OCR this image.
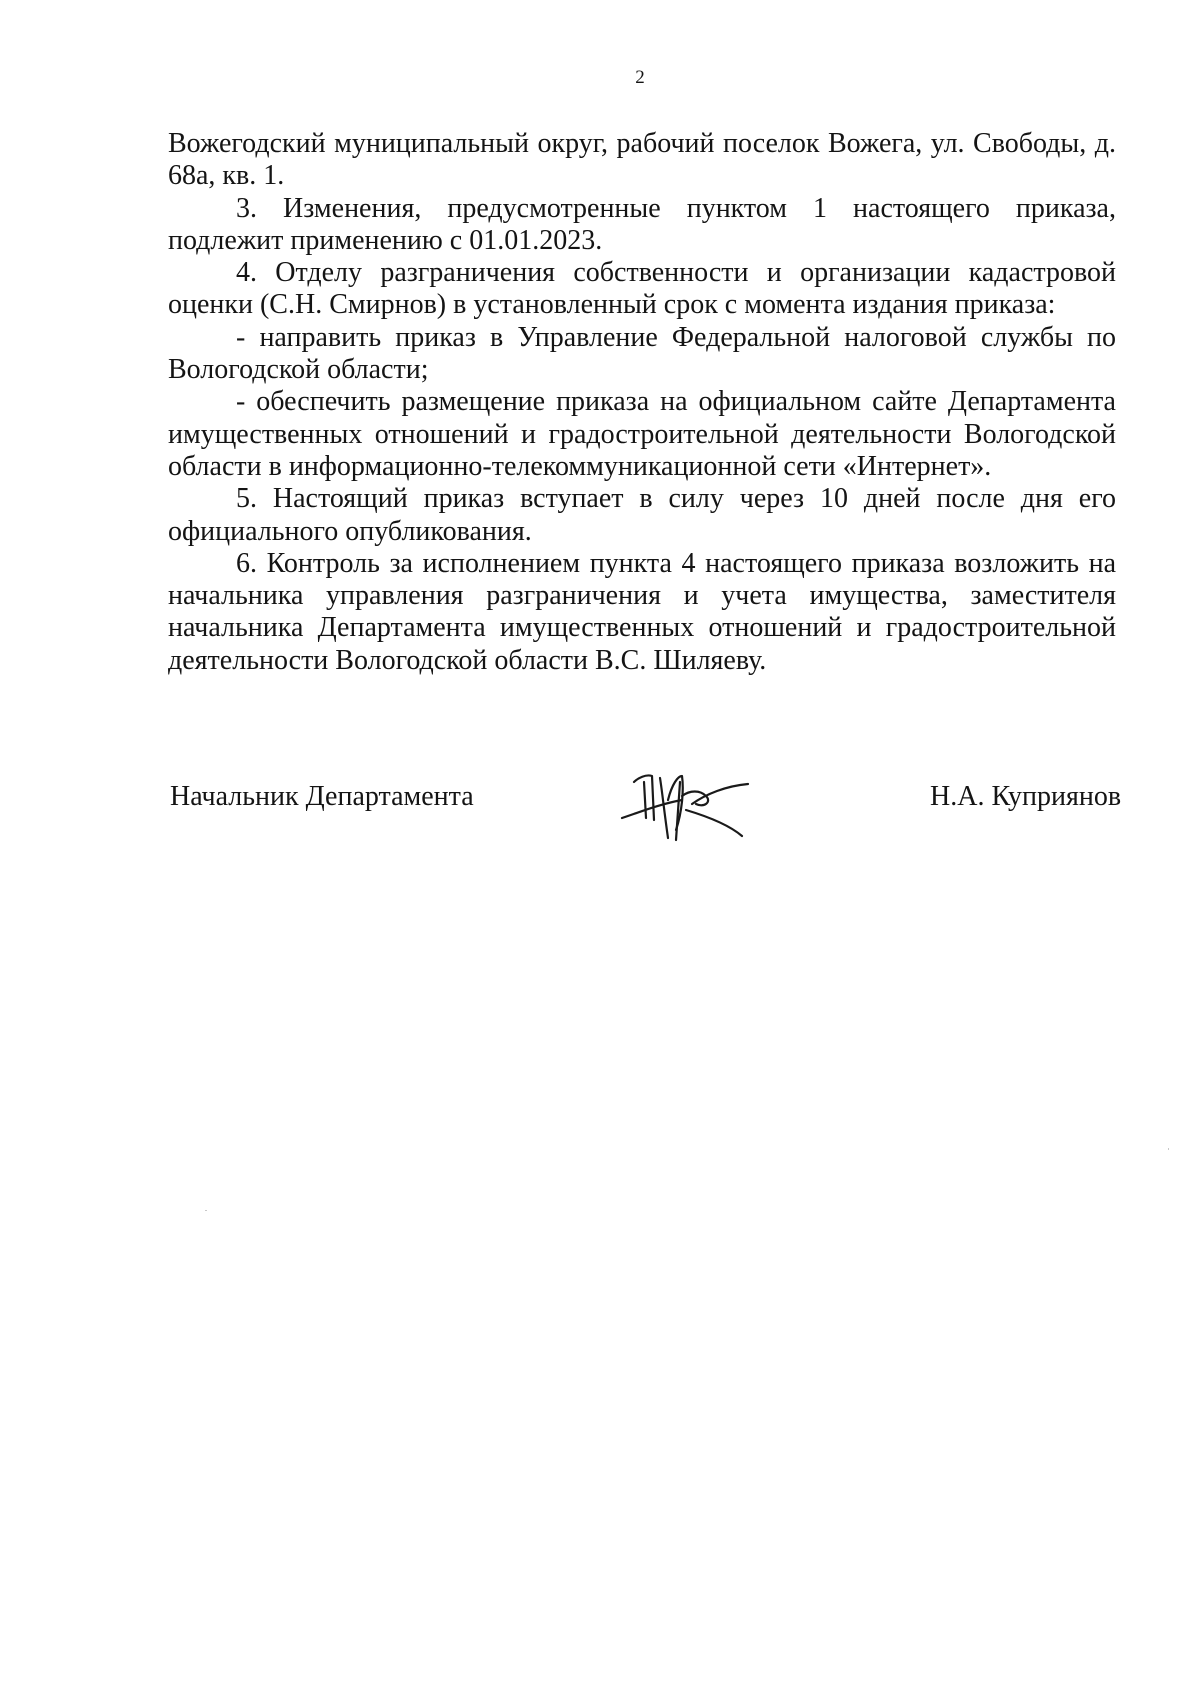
2

Вожегодский муниципальный округ, рабочий поселок Вожега, ул. Свободы, д. 68а, кв. 1.

3. Изменения, предусмотренные пунктом 1 настоящего приказа, подлежит применению с 01.01.2023.

4. Отделу разграничения собственности и организации кадастровой оценки (С.Н. Смирнов) в установленный срок с момента издания приказа:

- направить приказ в Управление Федеральной налоговой службы по Вологодской области;

- обеспечить размещение приказа на официальном сайте Департамента имущественных отношений и градостроительной деятельности Вологодской области в информационно-телекоммуникационной сети «Интернет».

5. Настоящий приказ вступает в силу через 10 дней после дня его официального опубликования.

6. Контроль за исполнением пункта 4 настоящего приказа возложить на начальника управления разграничения и учета имущества, заместителя начальника Департамента имущественных отношений и градостроительной деятельности Вологодской области В.С. Шиляеву.

Начальник Департамента	Н.А. Куприянов
